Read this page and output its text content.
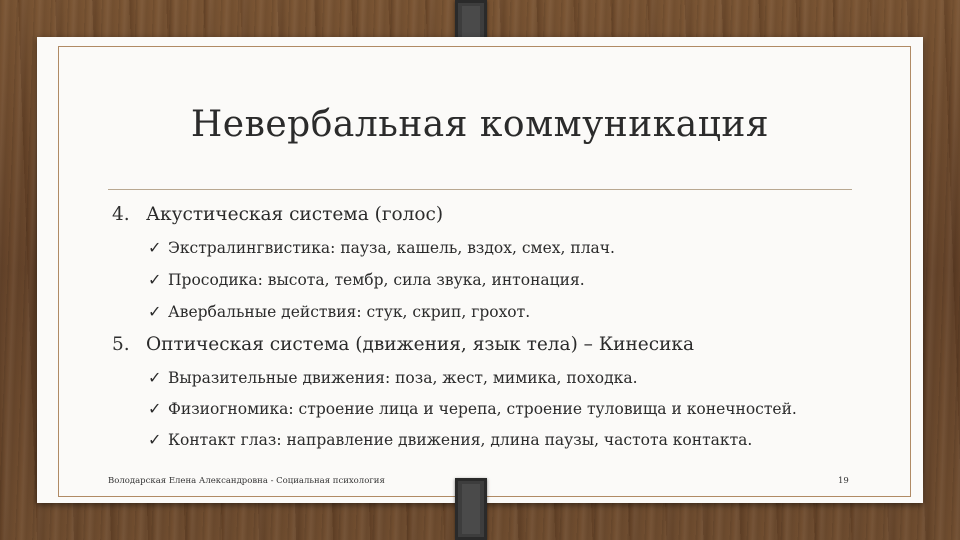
Невербальная коммуникация
4. Акустическая система (голос)
✓ Экстралингвистика: пауза, кашель, вздох, смех, плач.
✓ Просодика: высота, тембр, сила звука, интонация.
✓ Авербальные действия: стук, скрип, грохот.
5. Оптическая система (движения, язык тела) – Кинесика
✓ Выразительные движения: поза, жест, мимика, походка.
✓ Физиогномика: строение лица и черепа, строение туловища и конечностей.
✓ Контакт глаз: направление движения, длина паузы, частота контакта.
Володарская Елена Александровна - Социальная психология	19
